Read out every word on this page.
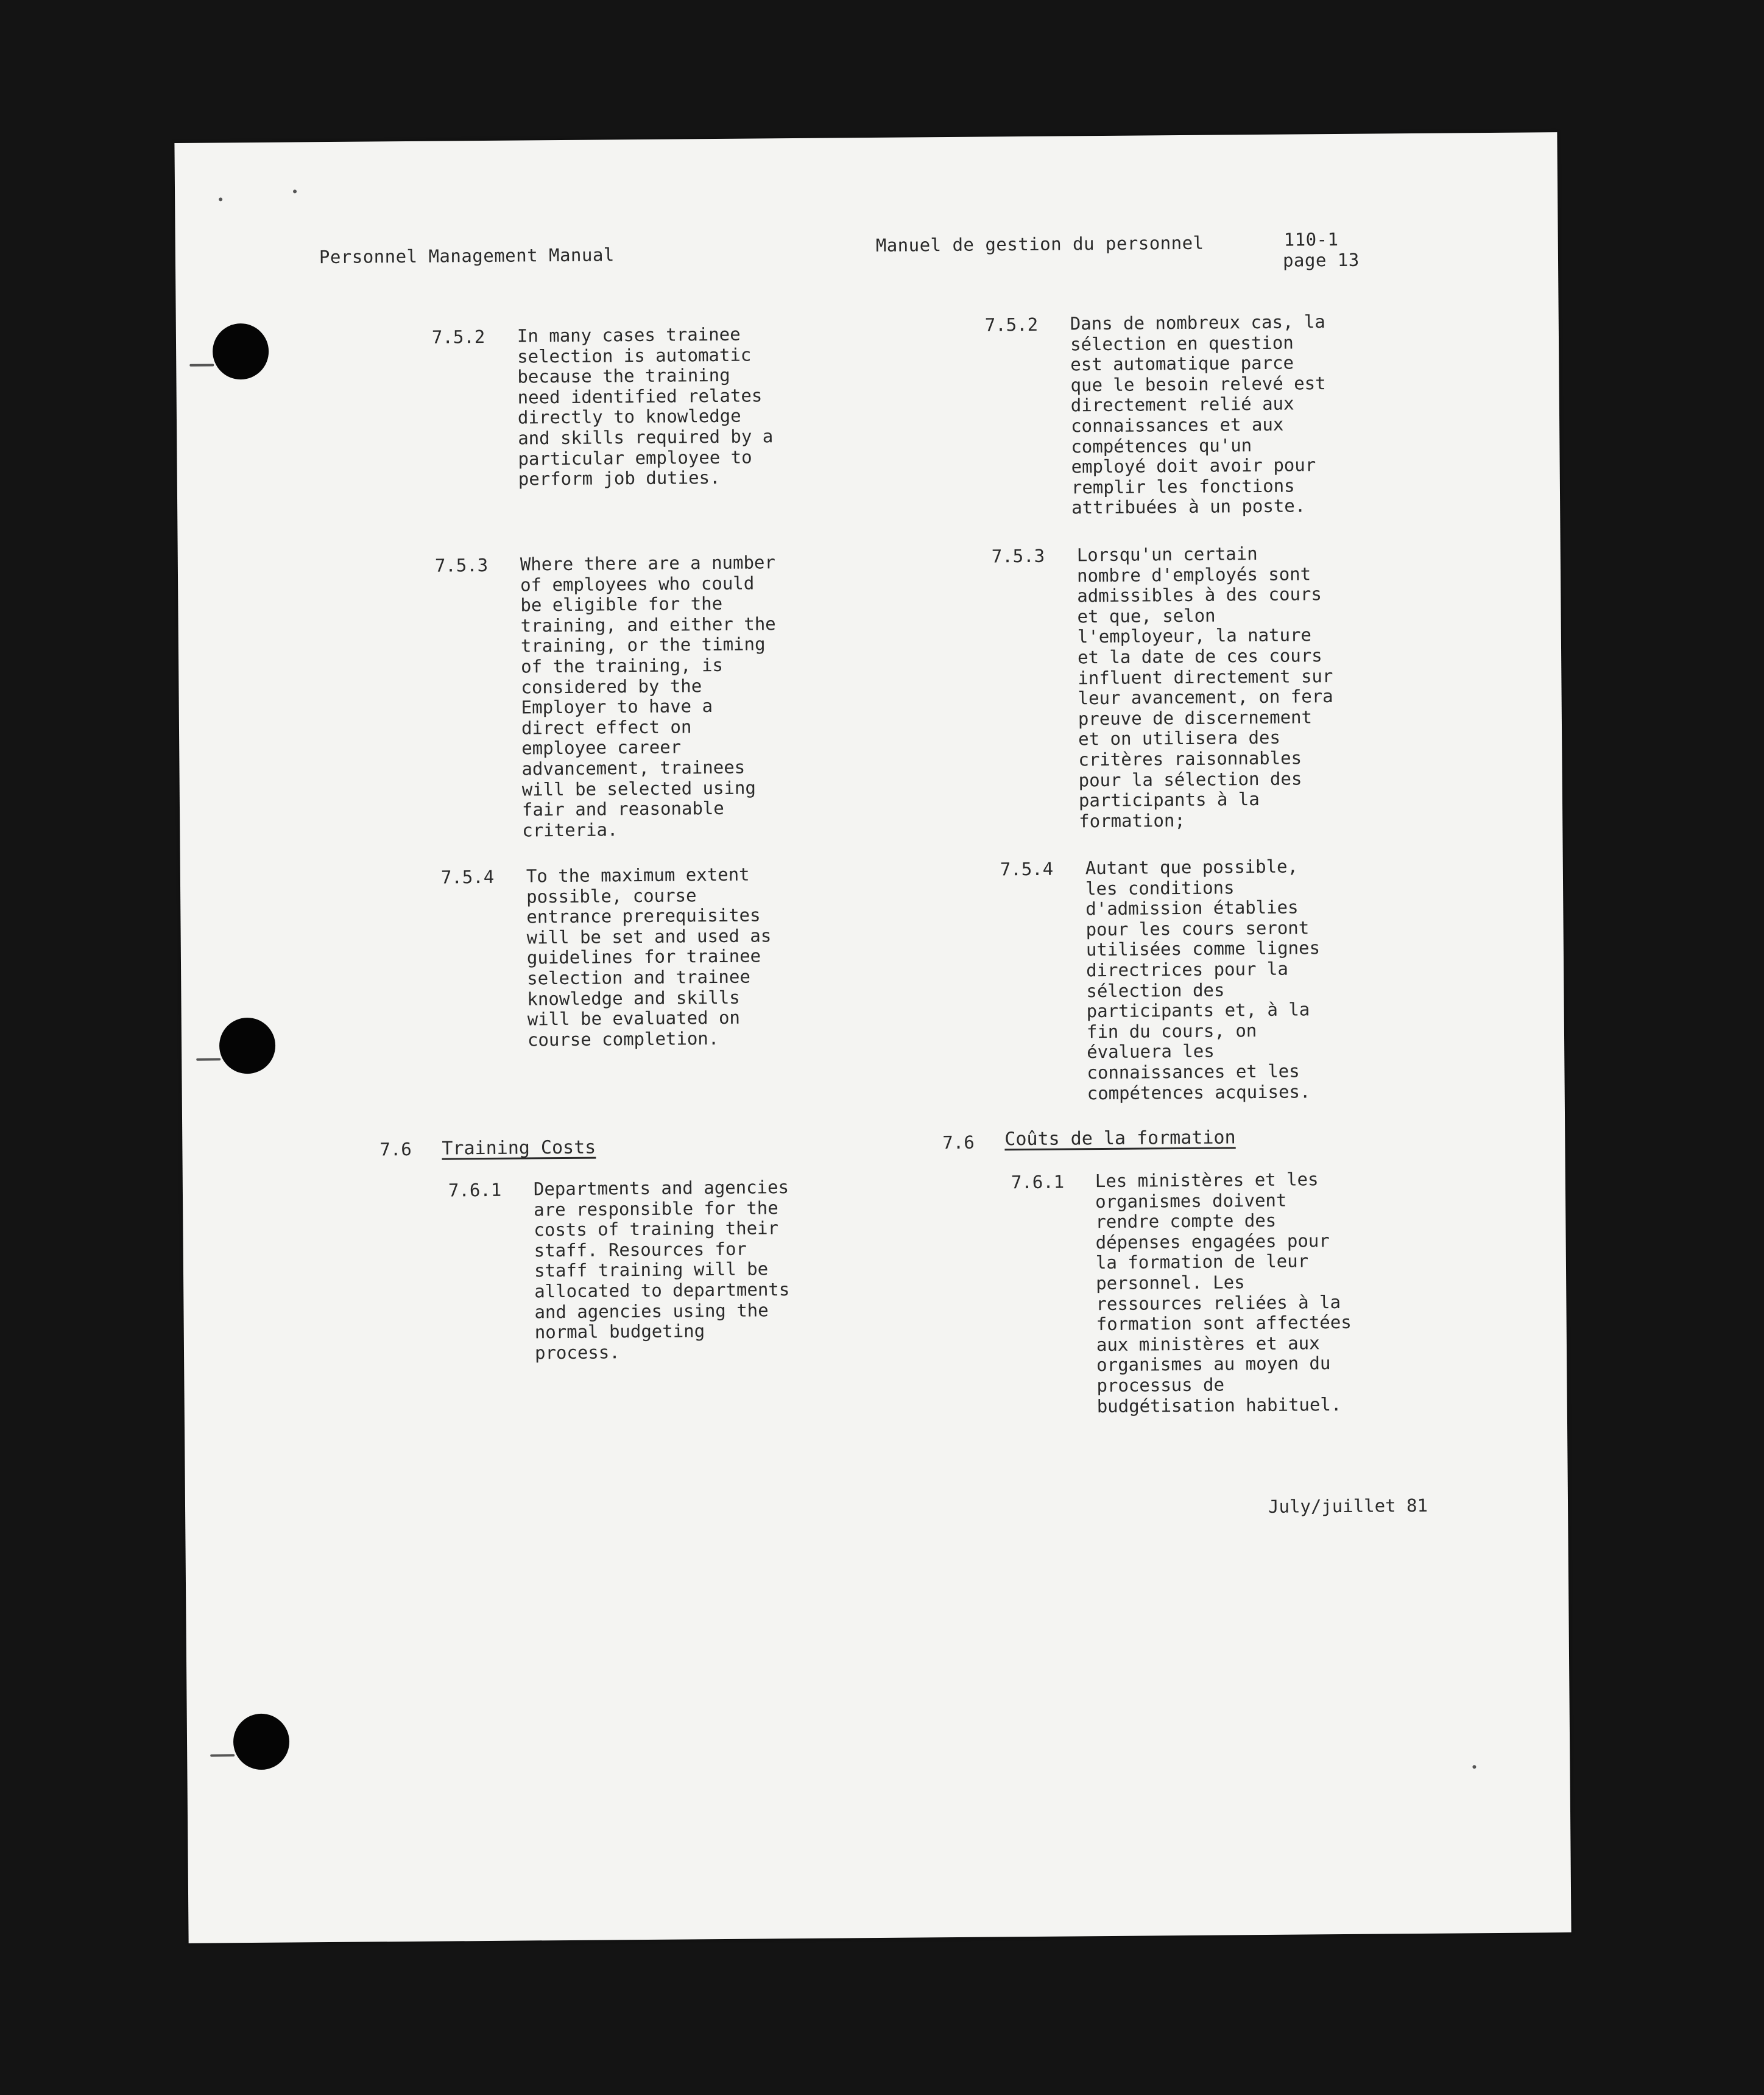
Personnel Management Manual
Manuel de gestion du personnel	110-1
page 13
7.5.2 In many cases trainee
selection is automatic
because the training
need identified relates
directly to knowledge
and skills required by a
particular employee to
perform job duties.
7.5.3 Where there are a number
of employees who could
be eligible for the
training, and either the
training, or the timing
of the training, is
considered by the
Employer to have a
direct effect on
employee career
advancement, trainees
will be selected using
fair and reasonable
criteria.
7.5.4 To the maximum extent
possible, course
entrance prerequisites
will be set and used as
guidelines for trainee
selection and trainee
knowledge and skills
will be evaluated on
course completion.
7.6 Training Costs
7.6.1 Departments and agencies
are responsible for the
costs of training their
staff. Resources for
staff training will be
allocated to departments
and agencies using the
normal budgeting
process.
7.5.2 Dans de nombreux cas, la
sélection en question
est automatique parce
que le besoin relevé est
directement relié aux
connaissances et aux
compétences qu'un
employé doit avoir pour
remplir les fonctions
attribuées à un poste.
7.5.3 Lorsqu'un certain
nombre d'employés sont
admissibles à des cours
et que, selon
l'employeur, la nature
et la date de ces cours
influent directement sur
leur avancement, on fera
preuve de discernement
et on utilisera des
critères raisonnables
pour la sélection des
participants à la
formation;
7.5.4 Autant que possible,
les conditions
d'admission établies
pour les cours seront
utilisées comme lignes
directrices pour la
sélection des
participants et, à la
fin du cours, on
évaluera les
connaissances et les
compétences acquises.
7.6 Coûts de la formation
7.6.1 Les ministères et les
organismes doivent
rendre compte des
dépenses engagées pour
la formation de leur
personnel. Les
ressources reliées à la
formation sont affectées
aux ministères et aux
organismes au moyen du
processus de
budgétisation habituel.
July/juillet 81
